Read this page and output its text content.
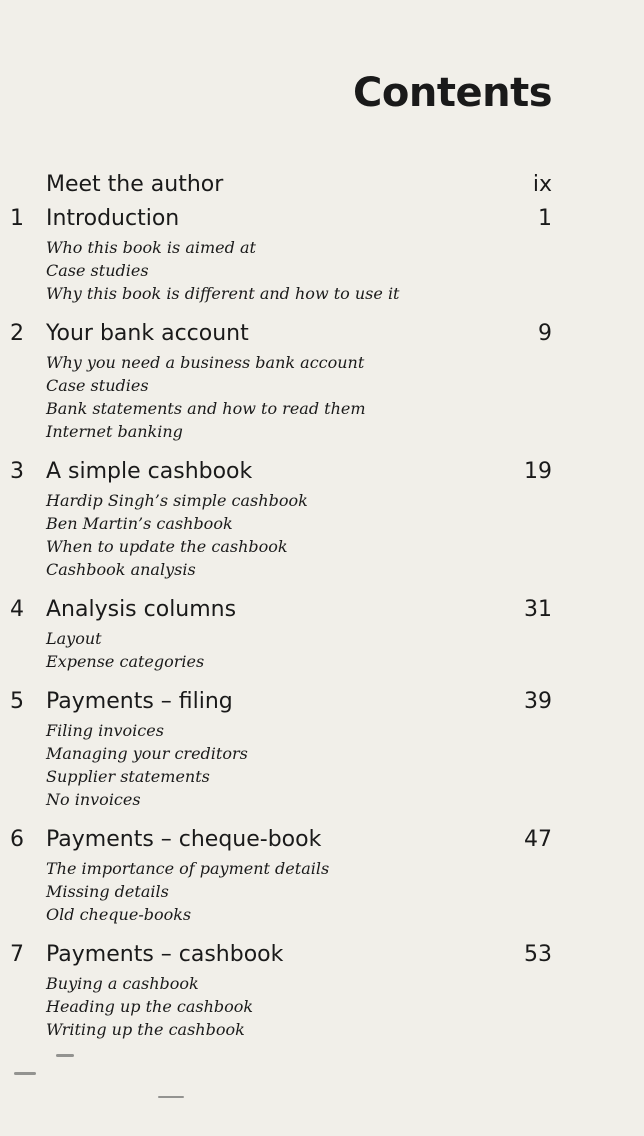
Contents
Meet the author	ix
1 Introduction	1
Who this book is aimed at
Case studies
Why this book is different and how to use it
2 Your bank account	9
Why you need a business bank account
Case studies
Bank statements and how to read them
Internet banking
3 A simple cashbook	19
Hardip Singh’s simple cashbook
Ben Martin’s cashbook
When to update the cashbook
Cashbook analysis
4 Analysis columns	31
Layout
Expense categories
5 Payments – filing	39
Filing invoices
Managing your creditors
Supplier statements
No invoices
6 Payments – cheque-book	47
The importance of payment details
Missing details
Old cheque-books
7 Payments – cashbook	53
Buying a cashbook
Heading up the cashbook
Writing up the cashbook
